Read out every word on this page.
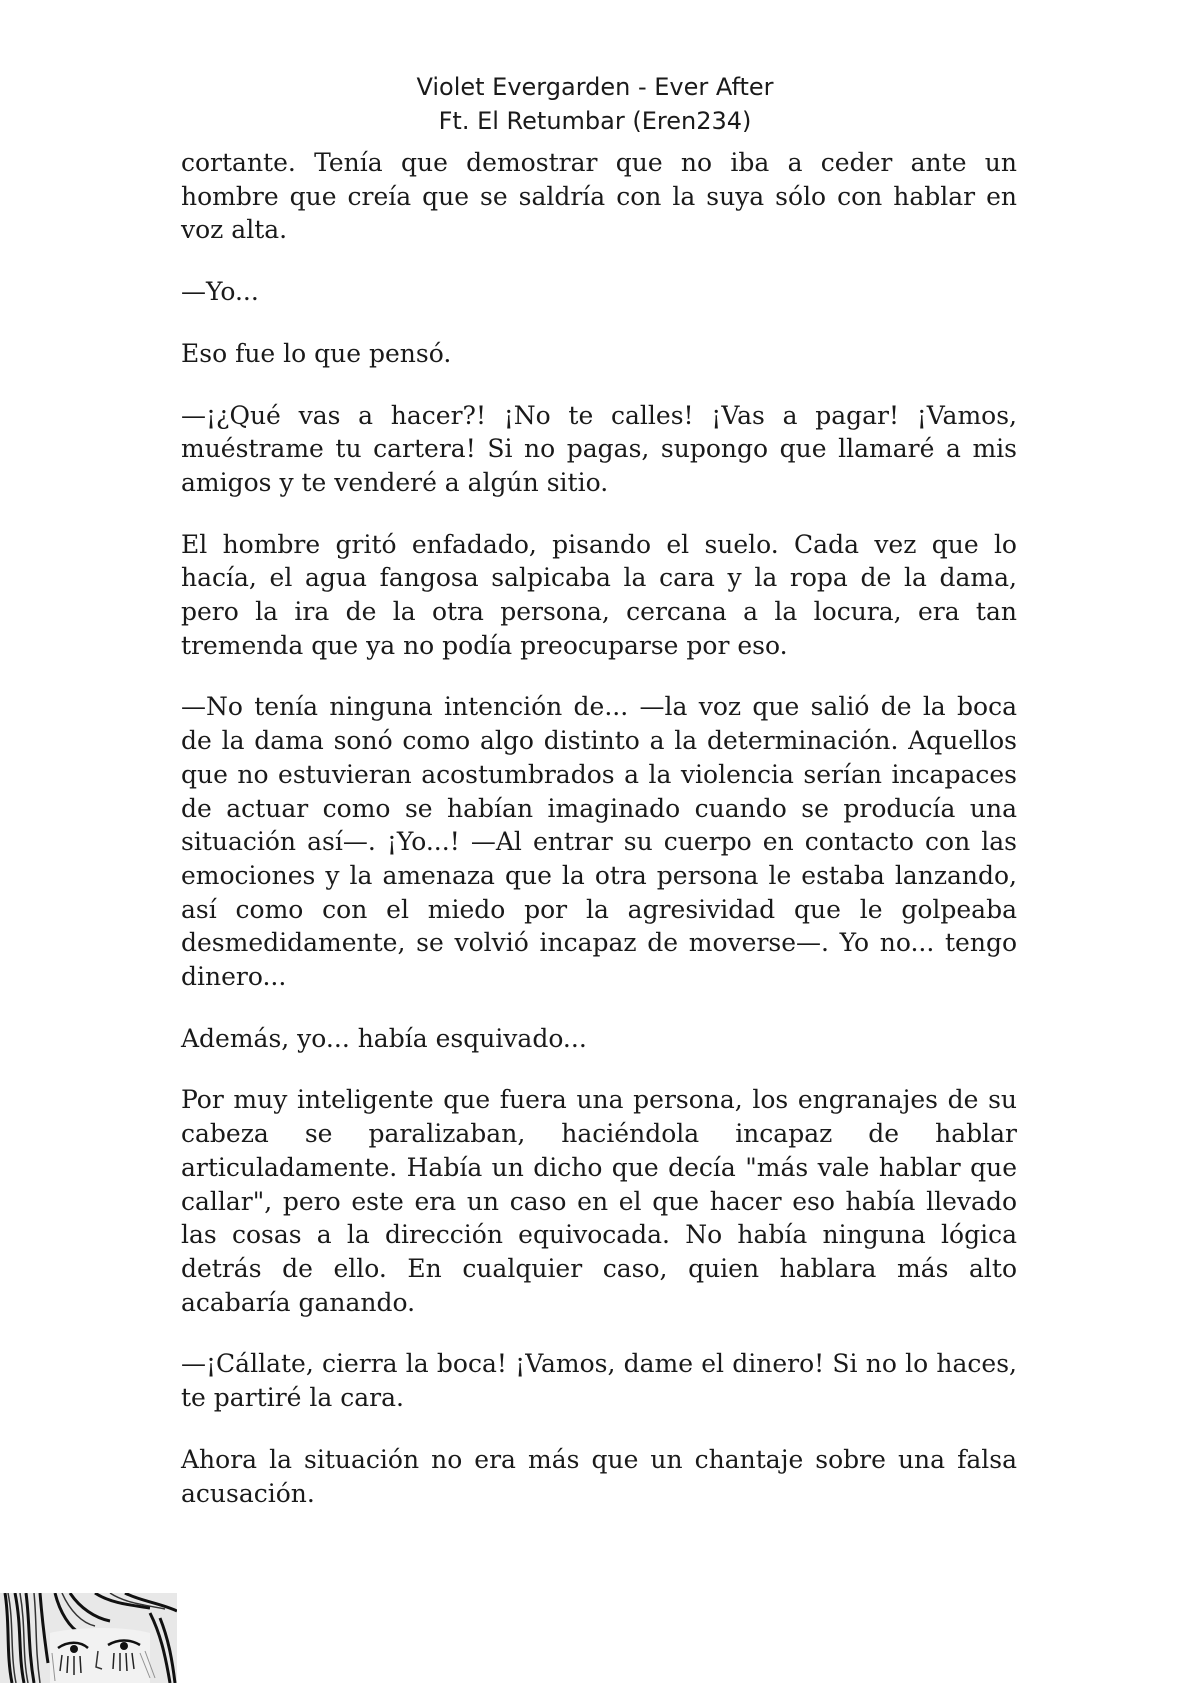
Violet Evergarden - Ever After
Ft. El Retumbar (Eren234)

cortante. Tenía que demostrar que no iba a ceder ante un hombre que creía que se saldría con la suya sólo con hablar en voz alta.

—Yo...

Eso fue lo que pensó.

—¡¿Qué vas a hacer?! ¡No te calles! ¡Vas a pagar! ¡Vamos, muéstrame tu cartera! Si no pagas, supongo que llamaré a mis amigos y te venderé a algún sitio.

El hombre gritó enfadado, pisando el suelo. Cada vez que lo hacía, el agua fangosa salpicaba la cara y la ropa de la dama, pero la ira de la otra persona, cercana a la locura, era tan tremenda que ya no podía preocuparse por eso.

—No tenía ninguna intención de... —la voz que salió de la boca de la dama sonó como algo distinto a la determinación. Aquellos que no estuvieran acostumbrados a la violencia serían incapaces de actuar como se habían imaginado cuando se producía una situación así—. ¡Yo...! —Al entrar su cuerpo en contacto con las emociones y la amenaza que la otra persona le estaba lanzando, así como con el miedo por la agresividad que le golpeaba desmedidamente, se volvió incapaz de moverse—. Yo no... tengo dinero...

Además, yo... había esquivado...

Por muy inteligente que fuera una persona, los engranajes de su cabeza se paralizaban, haciéndola incapaz de hablar articuladamente. Había un dicho que decía "más vale hablar que callar", pero este era un caso en el que hacer eso había llevado las cosas a la dirección equivocada. No había ninguna lógica detrás de ello. En cualquier caso, quien hablara más alto acabaría ganando.

—¡Cállate, cierra la boca! ¡Vamos, dame el dinero! Si no lo haces, te partiré la cara.

Ahora la situación no era más que un chantaje sobre una falsa acusación.
